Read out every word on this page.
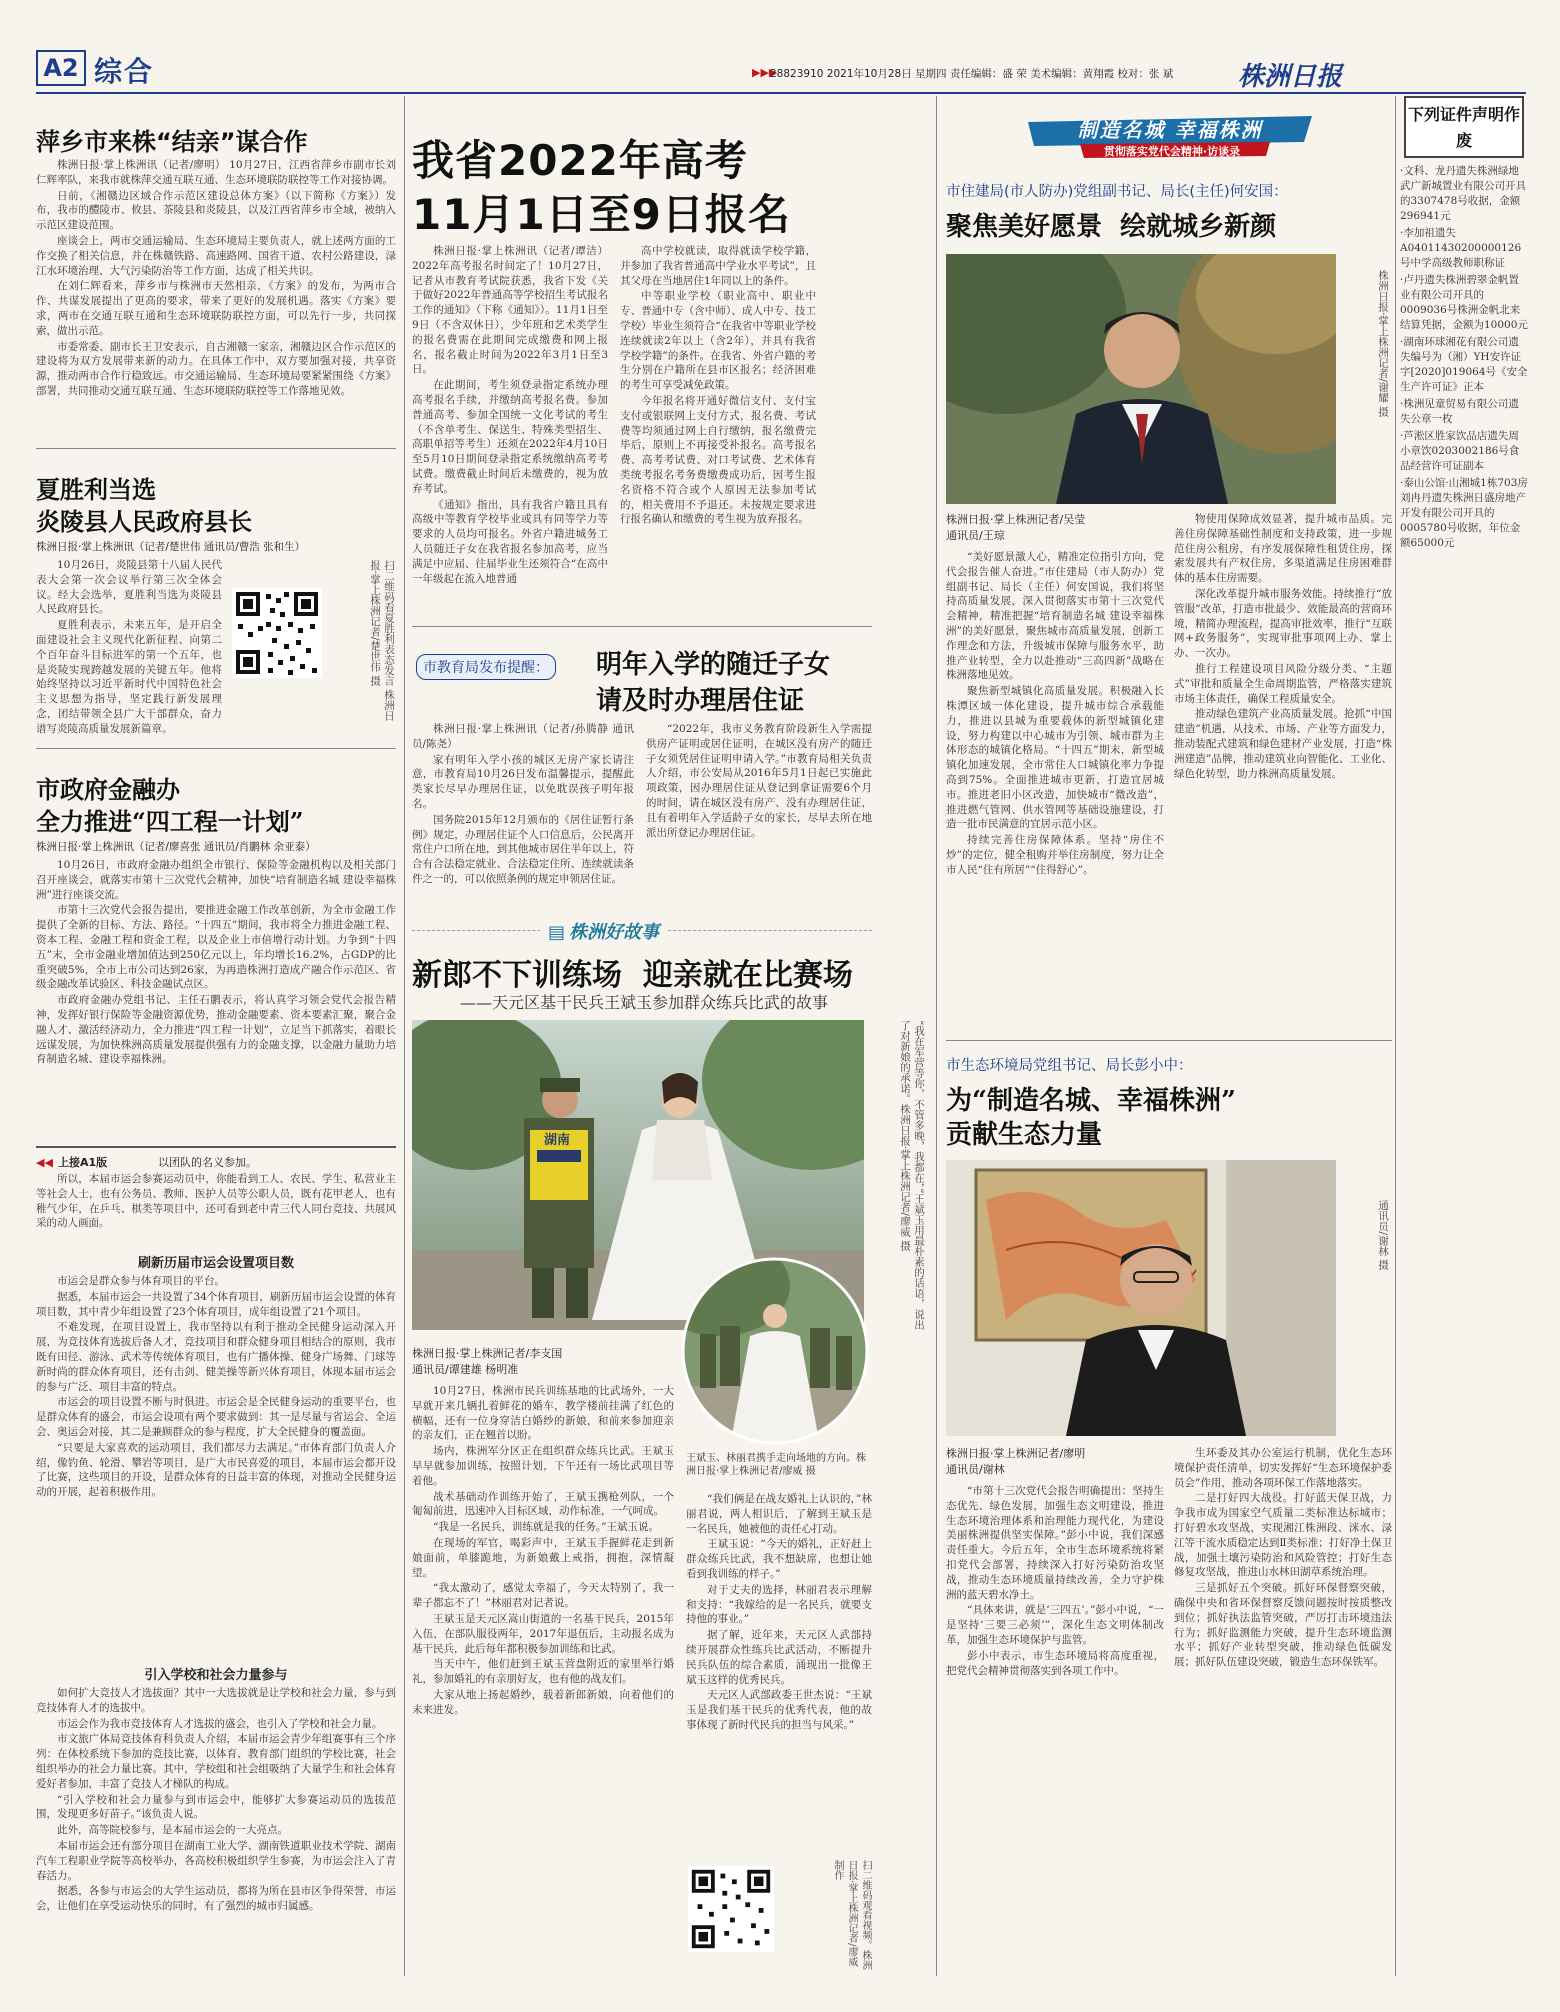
A2 综合	▶▶▶
28823910 2021年10月28日 星期四 责任编辑：盛 荣 美术编辑：黄翔霞 校对：张 斌 株洲日报
下列证件声明作废

·文科、龙丹遗失株洲绿地武广新城置业有限公司开具的3307478号收据，金额296941元

·李加祖遗失A04011430200000126号中学高级教师职称证

·卢丹遗失株洲碧翠金帆置业有限公司开具的0009036号株洲金帆北来结算凭据，金额为10000元

·湖南环球湘花有限公司遗失编号为（湘）YH安许证字[2020]019064号《安全生产许可证》正本

·株洲见童贸易有限公司遗失公章一枚

·芦淞区胜家饮品店遗失周小章饮0203002186号食品经营许可证副本

·泰山公馆·山湘城1栋703房刘冉丹遗失株洲日盛房地产开发有限公司开具的0005780号收据，年位金额65000元

萍乡市来株“结亲”谋合作

株洲日报·掌上株洲讯（记者/廖明） 10月27日，江西省萍乡市副市长刘仁辉率队，来我市就株萍交通互联互通、生态环境联防联控等工作对接协调。

日前，《湘赣边区域合作示范区建设总体方案》（以下简称《方案》）发布，我市的醴陵市、攸县、茶陵县和炎陵县，以及江西省萍乡市全域，被纳入示范区建设范围。

座谈会上，两市交通运输局、生态环境局主要负责人，就上述两方面的工作交换了相关信息，并在株赣铁路、高速路网、国省干道、农村公路建设，渌江水环境治理、大气污染防治等工作方面，达成了相关共识。

在刘仁辉看来，萍乡市与株洲市天然相亲，《方案》的发布，为两市合作、共谋发展提出了更高的要求，带来了更好的发展机遇。落实《方案》要求，两市在交通互联互通和生态环境联防联控方面，可以先行一步，共同探索，做出示范。

市委常委、副市长王卫安表示，自古湘赣一家亲，湘赣边区合作示范区的建设将为双方发展带来新的动力。在具体工作中，双方要加强对接，共享资源，推动两市合作行稳致远。市交通运输局、生态环境局要紧紧围绕《方案》部署，共同推动交通互联互通、生态环境联防联控等工作落地见效。

夏胜利当选
炎陵县人民政府县长
株洲日报·掌上株洲讯（记者/楚世伟 通讯员/曹浩 张和生）

10月26日，炎陵县第十八届人民代表大会第一次会议举行第三次全体会议。经大会选举，夏胜利当选为炎陵县人民政府县长。

夏胜利表示，未来五年，是开启全面建设社会主义现代化新征程、向第二个百年奋斗目标进军的第一个五年，也是炎陵实现跨越发展的关键五年。他将始终坚持以习近平新时代中国特色社会主义思想为指导，坚定践行新发展理念，团结带领全县广大干部群众，奋力谱写炎陵高质量发展新篇章。

扫二维码看夏胜利表态发言 株洲日报·掌上株洲记者/楚世伟 摄
市政府金融办
全力推进“四工程一计划”
株洲日报·掌上株洲讯（记者/廖喜张 通讯员/肖鹏林 余亚泰）

10月26日，市政府金融办组织全市银行、保险等金融机构以及相关部门召开座谈会，就落实市第十三次党代会精神，加快“培育制造名城 建设幸福株洲”进行座谈交流。

市第十三次党代会报告提出，要推进金融工作改革创新，为全市金融工作提供了全新的目标、方法、路径。“十四五”期间，我市将全力推进金融工程、资本工程、金融工程和资金工程，以及企业上市倍增行动计划。力争到“十四五”末，全市金融业增加值达到250亿元以上，年均增长16.2%，占GDP的比重突破5%，全市上市公司达到26家，为再造株洲打造成产融合作示范区、省级金融改革试验区、科技金融试点区。

市政府金融办党组书记、主任石鹏表示，将认真学习领会党代会报告精神，发挥好银行保险等金融资源优势，推动金融要素、资本要素汇聚，聚合金融人才、激活经济动力，全力推进“四工程一计划”，立足当下抓落实，着眼长远谋发展，为加快株洲高质量发展提供强有力的金融支撑，以金融力量助力培育制造名城、建设幸福株洲。

◀◀ 上接A1版	以团队的名义参加。

所以，本届市运会参赛运动员中，你能看到工人、农民、学生、私营业主等社会人士，也有公务员、教师、医护人员等公职人员，既有花甲老人，也有稚气少年，在乒乓、棋类等项目中，还可看到老中青三代人同台竞技、共展风采的动人画面。

刷新历届市运会设置项目数

市运会是群众参与体育项目的平台。

据悉，本届市运会一共设置了34个体育项目，刷新历届市运会设置的体育项目数，其中青少年组设置了23个体育项目，成年组设置了21个项目。

不难发现，在项目设置上，我市坚持以有利于推动全民健身运动深入开展，为竞技体育选拔后备人才，竞技项目和群众健身项目相结合的原则，我市既有田径、游泳、武术等传统体育项目，也有广播体操、健身广场舞、门球等新时尚的群众体育项目，还有击剑、健美操等新兴体育项目，体现本届市运会的参与广泛、项目丰富的特点。

市运会的项目设置不断与时俱进。市运会是全民健身运动的重要平台，也是群众体育的盛会，市运会设项有两个要求做到：其一是尽量与省运会、全运会、奥运会对接，其二是兼顾群众的参与程度，扩大全民健身的覆盖面。

“只要是大家喜欢的运动项目，我们都尽力去满足。”市体育部门负责人介绍，像钓鱼、轮滑、攀岩等项目，是广大市民喜爱的项目，本届市运会都开设了比赛，这些项目的开设，是群众体育的日益丰富的体现，对推动全民健身运动的开展，起着积极作用。

引入学校和社会力量参与

如何扩大竞技人才选拔面？其中一大选拔就是让学校和社会力量，参与到竞技体育人才的选拔中。

市运会作为我市竞技体育人才选拔的盛会，也引入了学校和社会力量。

市文旅广体局竞技体育科负责人介绍，本届市运会青少年组赛事有三个序列：在体校系统下参加的竞技比赛，以体育、教育部门组织的学校比赛，社会组织举办的社会力量比赛。其中，学校组和社会组吸纳了大量学生和社会体育爱好者参加，丰富了竞技人才梯队的构成。

“引入学校和社会力量参与到市运会中，能够扩大参赛运动员的选拔范围，发现更多好苗子。”该负责人说。

此外，高等院校参与，是本届市运会的一大亮点。

本届市运会还有部分项目在湖南工业大学、湖南铁道职业技术学院、湖南汽车工程职业学院等高校举办，各高校积极组织学生参赛，为市运会注入了青春活力。

据悉，各参与市运会的大学生运动员，都将为所在县市区争得荣誉，市运会，让他们在享受运动快乐的同时，有了强烈的城市归属感。

我省2022年高考
11月1日至9日报名

株洲日报·掌上株洲讯（记者/谭洁）2022年高考报名时间定了！10月27日，记者从市教育考试院获悉，我省下发《关于做好2022年普通高等学校招生考试报名工作的通知》（下称《通知》）。11月1日至9日（不含双休日），少年班和艺术类学生的报名费需在此期间完成缴费和网上报名，报名截止时间为2022年3月1日至3日。

在此期间，考生须登录指定系统办理高考报名手续，并缴纳高考报名费。参加普通高考、参加全国统一文化考试的考生（不含单考生、保送生、特殊类型招生、高职单招等考生）还须在2022年4月10日至5月10日期间登录指定系统缴纳高考考试费。缴费截止时间后未缴费的，视为放弃考试。

《通知》指出，具有我省户籍且具有高级中等教育学校毕业或具有同等学力等要求的人员均可报名。外省户籍进城务工人员随迁子女在我省报名参加高考，应当满足中应届、往届毕业生还须符合“在高中一年级起在流入地普通

高中学校就读，取得就读学校学籍，并参加了我省普通高中学业水平考试”，且其父母在当地居住1年同以上的条件。

中等职业学校（职业高中、职业中专、普通中专（含中师）、成人中专、技工学校）毕业生须符合“在我省中等职业学校连续就读2年以上（含2年），并具有我省学校学籍”的条件。在我省、外省户籍的考生分别在户籍所在县市区报名；经济困难的考生可享受减免政策。

今年报名将开通好微信支付、支付宝支付或银联网上支付方式，报名费、考试费等均须通过网上自行缴纳，报名缴费完毕后，原则上不再接受补报名。高考报名费、高考考试费、对口考试费、艺术体育类统考报名考务费缴费成功后，因考生报名资格不符合或个人原因无法参加考试的，相关费用不予退还。未按规定要求进行报名确认和缴费的考生视为放弃报名。

市教育局发布提醒： 明年入学的随迁子女
请及时办理居住证

株洲日报·掌上株洲讯（记者/孙腾静 通讯员/陈尧）

家有明年入学小孩的城区无房产家长请注意，市教育局10月26日发布温馨提示，提醒此类家长尽早办理居住证，以免耽误孩子明年报名。

国务院2015年12月颁布的《居住证暂行条例》规定，办理居住证个人口信息后，公民离开常住户口所在地，到其他城市居住半年以上，符合有合法稳定就业、合法稳定住所、连续就读条件之一的，可以依照条例的规定申领居住证。

“2022年，我市义务教育阶段新生入学需提供房产证明或居住证明，在城区没有房产的随迁子女须凭居住证明申请入学。”市教育局相关负责人介绍，市公安局从2016年5月1日起已实施此项政策，因办理居住证从登记到拿证需要6个月的时间，请在城区没有房产、没有办理居住证，且有着明年入学适龄子女的家长，尽早去所在地派出所登记办理居住证。

▤ 株洲好故事
新郎不下训练场  迎亲就在比赛场
——天元区基干民兵王斌玉参加群众练兵比武的故事
湖南	“我在军营等你，不管多晚，我都在，”王斌玉用最朴素的话语，说出了对新娘的承诺。株洲日报·掌上株洲记者/廖威 摄
株洲日报·掌上株洲记者/李支国
通讯员/谭建雄 杨明准

10月27日，株洲市民兵训练基地的比武场外，一大早就开来几辆扎着鲜花的婚车，教学楼前挂满了红色的横幅，还有一位身穿洁白婚纱的新娘，和前来参加迎亲的亲友们，正在翘首以盼。

场内，株洲军分区正在组织群众练兵比武。王斌玉早早就参加训练，按照计划，下午还有一场比武项目等着他。

战术基础动作训练开始了，王斌玉携枪列队，一个匍匐前进，迅速冲入目标区域，动作标准，一气呵成。

“我是一名民兵，训练就是我的任务。”王斌玉说。

在现场的军官，喝彩声中，王斌玉手握鲜花走到新娘面前，单膝跪地，为新娘戴上戒指，拥抱，深情凝望。

“我太激动了，感觉太幸福了，今天太特别了，我一辈子都忘不了！”林丽君对记者说。

王斌玉是天元区嵩山街道的一名基干民兵，2015年入伍，在部队服役两年，2017年退伍后，主动报名成为基干民兵，此后每年都积极参加训练和比武。

当天中午，他们赶到王斌玉营盘附近的家里举行婚礼，参加婚礼的有亲朋好友，也有他的战友们。

大家从地上扬起婚纱，载着新郎新娘，向着他们的未来进发。

王斌玉、林丽君携手走向场地的方向。株洲日报·掌上株洲记者/廖威 摄

“我们俩是在战友婚礼上认识的，”林丽君说，两人相识后，了解到王斌玉是一名民兵，她被他的责任心打动。

王斌玉说：“今天的婚礼，正好赶上群众练兵比武，我不想缺席，也想让她看到我训练的样子。”

对于丈夫的选择，林丽君表示理解和支持：“我嫁给的是一名民兵，就要支持他的事业。”

据了解，近年来，天元区人武部持续开展群众性练兵比武活动，不断提升民兵队伍的综合素质，涌现出一批像王斌玉这样的优秀民兵。

天元区人武部政委王世杰说：“王斌玉是我们基干民兵的优秀代表，他的故事体现了新时代民兵的担当与风采。”

扫二维码观看视频。株洲日报·掌上株洲记者/廖威 制作
制造名城 幸福株洲
贯彻落实党代会精神·访谈录
市住建局(市人防办)党组副书记、局长(主任)何安国：
聚焦美好愿景  绘就城乡新颜
株洲日报·掌上株洲记者/谢耀 摄
株洲日报·掌上株洲记者/吴莹
通讯员/王琼

“美好愿景激人心，精准定位指引方向，党代会报告催人奋进。”市住建局（市人防办）党组副书记、局长（主任）何安国说，我们将坚持高质量发展，深入贯彻落实市第十三次党代会精神，精准把握“培育制造名城 建设幸福株洲”的美好愿景，聚焦城市高质量发展，创新工作理念和方法，升级城市保障与服务水平，助推产业转型，全力以赴推动“三高四新”战略在株洲落地见效。

聚焦新型城镇化高质量发展。积极融入长株潭区域一体化建设，提升城市综合承载能力，推进以县城为重要载体的新型城镇化建设，努力构建以中心城市为引领、城市群为主体形态的城镇化格局。“十四五”期末，新型城镇化加速发展，全市常住人口城镇化率力争提高到75%。全面推进城市更新，打造宜居城市。推进老旧小区改造，加快城市“微改造”，推进燃气管网、供水管网等基础设施建设，打造一批市民满意的宜居示范小区。

持续完善住房保障体系。坚持“房住不炒”的定位，健全租购并举住房制度，努力让全市人民“住有所居”“住得舒心”。

物使用保障成效显著，提升城市品质。完善住房保障基础性制度和支持政策，进一步规范住房公租房，有序发展保障性租赁住房，探索发展共有产权住房，多渠道满足住房困难群体的基本住房需要。

深化改革提升城市服务效能。持续推行“放管服”改革，打造市批最少、效能最高的营商环境，精简办理流程，提高审批效率，推行“互联网+政务服务”，实现审批事项网上办、掌上办、一次办。

推行工程建设项目风险分级分类、“主题式”审批和质量全生命周期监管，严格落实建筑市场主体责任，确保工程质量安全。

推动绿色建筑产业高质量发展。抢抓“中国建造”机遇，从技术、市场、产业等方面发力，推动装配式建筑和绿色建材产业发展，打造“株洲建造”品牌，推动建筑业向智能化、工业化、绿色化转型，助力株洲高质量发展。

市生态环境局党组书记、局长彭小中：
为“制造名城、幸福株洲”
贡献生态力量
通讯员/谢林 摄
株洲日报·掌上株洲记者/廖明
通讯员/谢林

“市第十三次党代会报告明确提出：坚持生态优先、绿色发展，加强生态文明建设，推进生态环境治理体系和治理能力现代化，为建设美丽株洲提供坚实保障。”彭小中说，我们深感责任重大。今后五年，全市生态环境系统将紧扣党代会部署，持续深入打好污染防治攻坚战，推动生态环境质量持续改善，全力守护株洲的蓝天碧水净土。

“具体来讲，就是‘三四五’。”彭小中说，“一是坚持‘三要三必须’”，深化生态文明体制改革，加强生态环境保护与监管。

彭小中表示，市生态环境局将高度重视，把党代会精神贯彻落实到各项工作中。

生环委及其办公室运行机制，优化生态环境保护责任清单，切实发挥好“生态环境保护委员会”作用，推动各项环保工作落地落实。

二是打好四大战役。打好蓝天保卫战，力争我市成为国家空气质量二类标准达标城市；打好碧水攻坚战，实现湘江株洲段、洣水、渌江等干流水质稳定达到Ⅱ类标准；打好净土保卫战，加强土壤污染防治和风险管控；打好生态修复攻坚战，推进山水林田湖草系统治理。

三是抓好五个突破。抓好环保督察突破，确保中央和省环保督察反馈问题按时按质整改到位；抓好执法监管突破，严厉打击环境违法行为；抓好监测能力突破，提升生态环境监测水平；抓好产业转型突破，推动绿色低碳发展；抓好队伍建设突破，锻造生态环保铁军。
